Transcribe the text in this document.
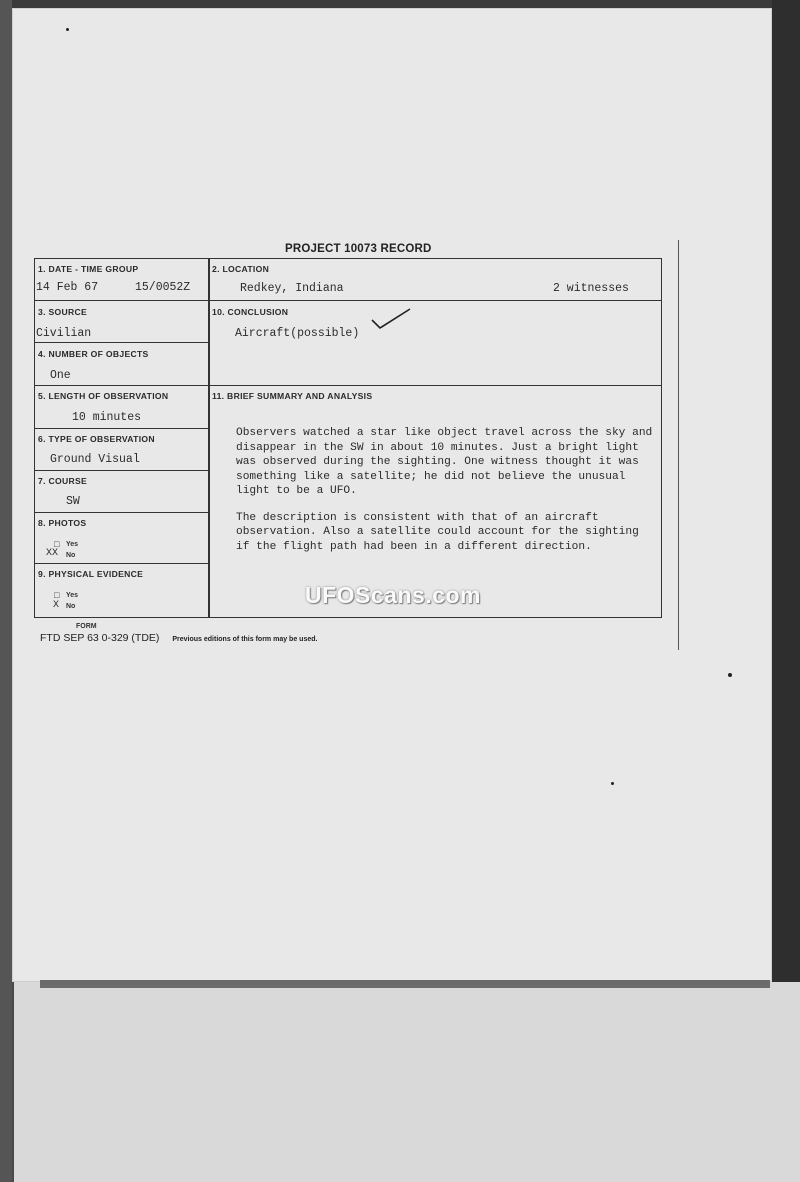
PROJECT 10073 RECORD
1. DATE - TIME GROUP
14 Feb 67	15/0052Z
2. LOCATION
Redkey, Indiana	2 witnesses
3. SOURCE
Civilian
10. CONCLUSION
Aircraft(possible)
4. NUMBER OF OBJECTS
One
5. LENGTH OF OBSERVATION
10 minutes
11. BRIEF SUMMARY AND ANALYSIS

Observers watched a star like object travel across the sky and disappear in the SW in about 10 minutes. Just a bright light was observed during the sighting. One witness thought it was something like a satellite; he did not believe the unusual light to be a UFO.

The description is consistent with that of an aircraft observation. Also a satellite could account for the sighting if the flight path had been in a different direction.

6. TYPE OF OBSERVATION
Ground Visual
7. COURSE
SW
8. PHOTOS
□ Yes
XX No
9. PHYSICAL EVIDENCE
□ Yes
X No
FORM
FTD SEP 63 0-329 (TDE) Previous editions of this form may be used.
UFOScans.com
